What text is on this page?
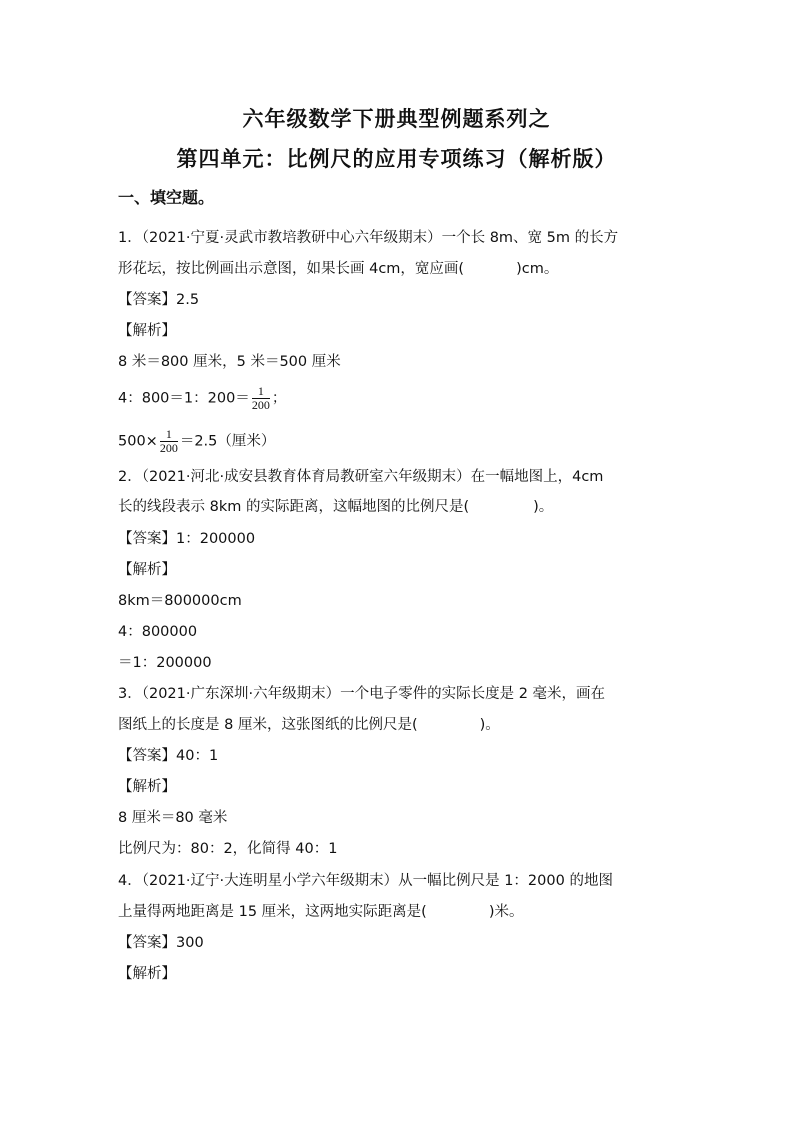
六年级数学下册典型例题系列之
第四单元：比例尺的应用专项练习（解析版）
一、填空题。
1．（2021·宁夏·灵武市教培教研中心六年级期末）一个长 8m、宽 5m 的长方
形花坛，按比例画出示意图，如果长画 4cm，宽应画(	)cm。
【答案】2.5
【解析】
8 米＝800 厘米，5 米＝500 厘米
4：800＝1：$200= \frac{1}{200}$ ；
$500\times \frac{1}{200} =2.5$（厘米）
2．（2021·河北·成安县教育体育局教研室六年级期末）在一幅地图上，4cm
长的线段表示 8km 的实际距离，这幅地图的比例尺是(	)。
【答案】1：200000
【解析】
8km＝800000cm
4：800000
＝1：200000
3．（2021·广东深圳·六年级期末）一个电子零件的实际长度是 2 毫米，画在
图纸上的长度是 8 厘米，这张图纸的比例尺是(	)。
【答案】40：1
【解析】
8 厘米＝80 毫米
比例尺为：80：2，化简得 40：1
4．（2021·辽宁·大连明星小学六年级期末）从一幅比例尺是 1：2000 的地图
上量得两地距离是 15 厘米，这两地实际距离是(	)米。
【答案】300
【解析】
